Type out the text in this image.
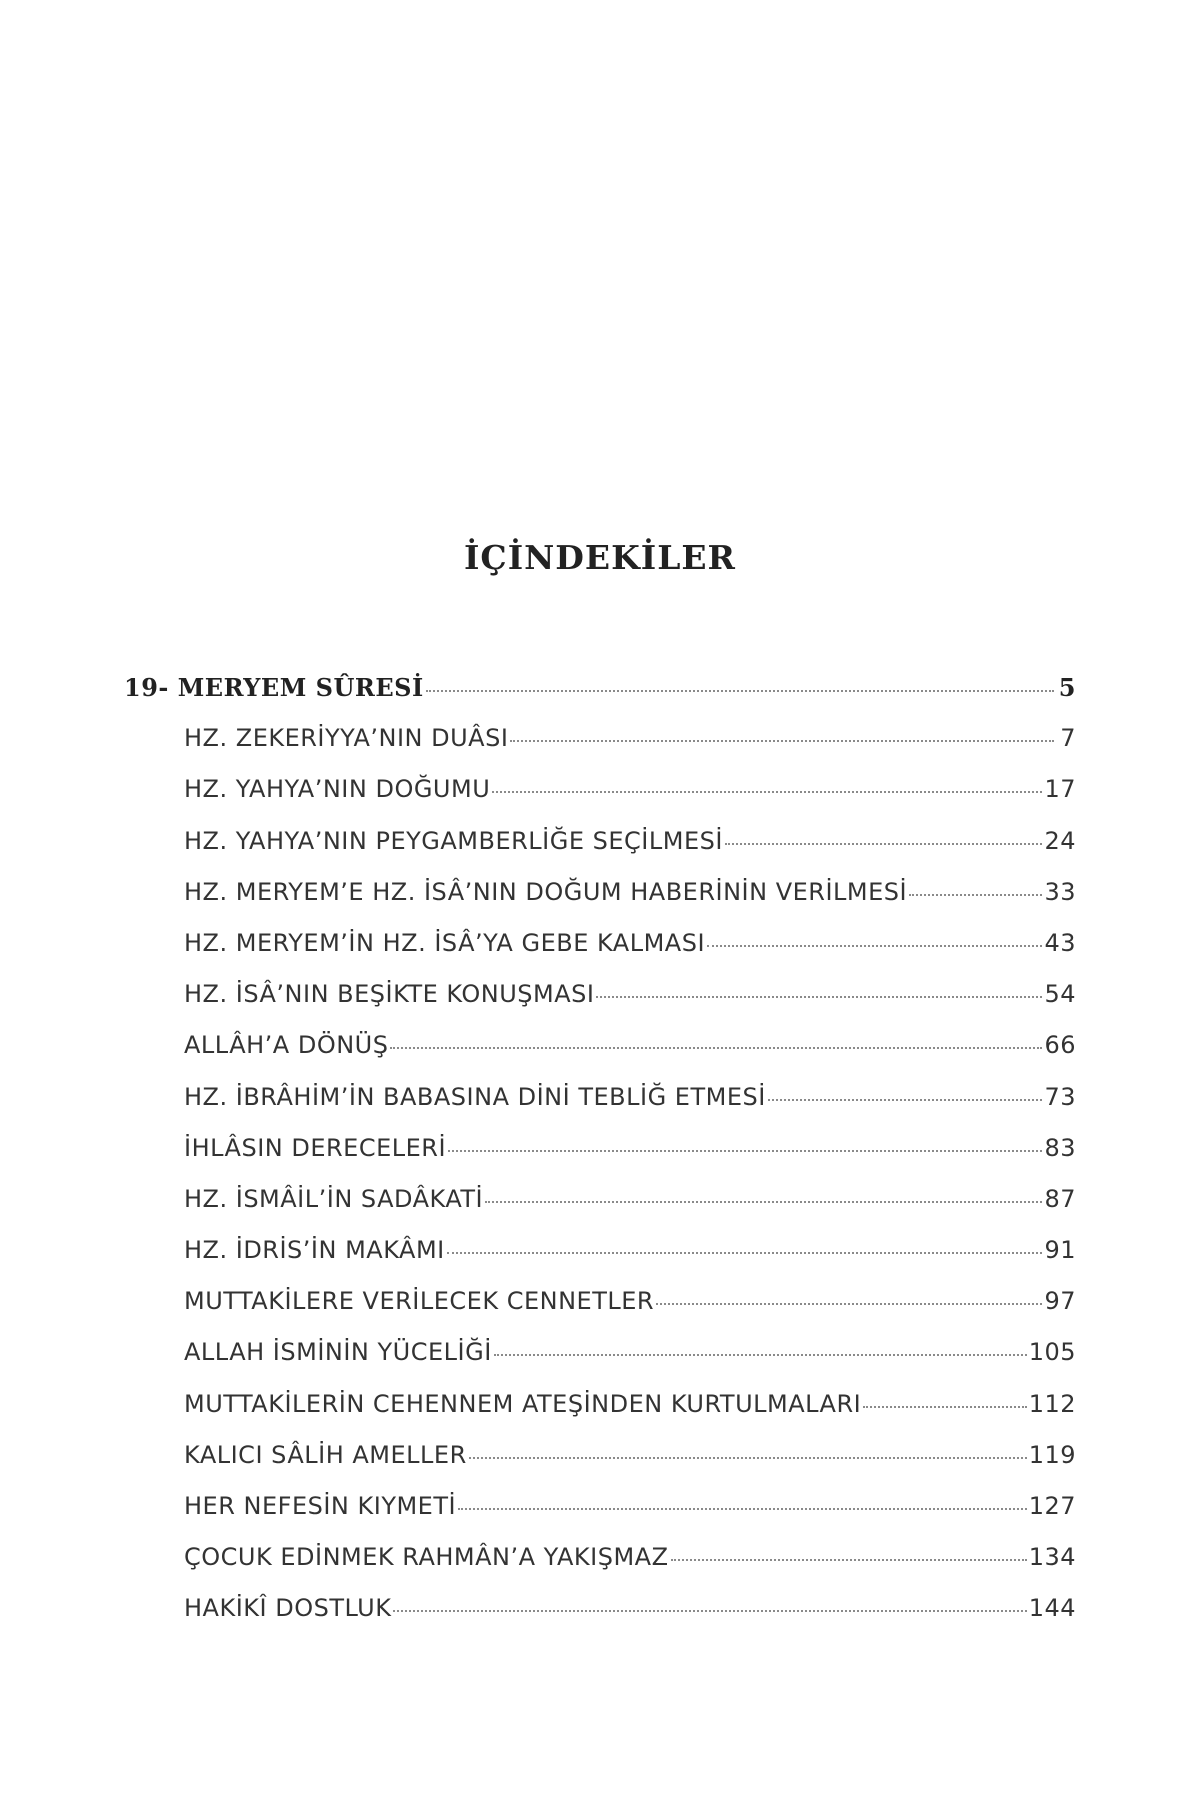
İÇİNDEKİLER
19- MERYEM SÛRESİ	5
HZ. ZEKERİYYA’NIN DUÂSI	7
HZ. YAHYA’NIN DOĞUMU	17
HZ. YAHYA’NIN PEYGAMBERLİĞE SEÇİLMESİ	24
HZ. MERYEM’E HZ. İSÂ’NIN DOĞUM HABERİNİN VERİLMESİ	33
HZ. MERYEM’İN HZ. İSÂ’YA GEBE KALMASI	43
HZ. İSÂ’NIN BEŞİKTE KONUŞMASI	54
ALLÂH’A DÖNÜŞ	66
HZ. İBRÂHİM’İN BABASINA DİNİ TEBLİĞ ETMESİ	73
İHLÂSIN DERECELERİ	83
HZ. İSMÂİL’İN SADÂKATİ	87
HZ. İDRİS’İN MAKÂMI	91
MUTTAKİLERE VERİLECEK CENNETLER	97
ALLAH İSMİNİN YÜCELİĞİ	105
MUTTAKİLERİN CEHENNEM ATEŞİNDEN KURTULMALARI	112
KALICI SÂLİH AMELLER	119
HER NEFESİN KIYMETİ	127
ÇOCUK EDİNMEK RAHMÂN’A YAKIŞMAZ	134
HAKİKÎ DOSTLUK	144
